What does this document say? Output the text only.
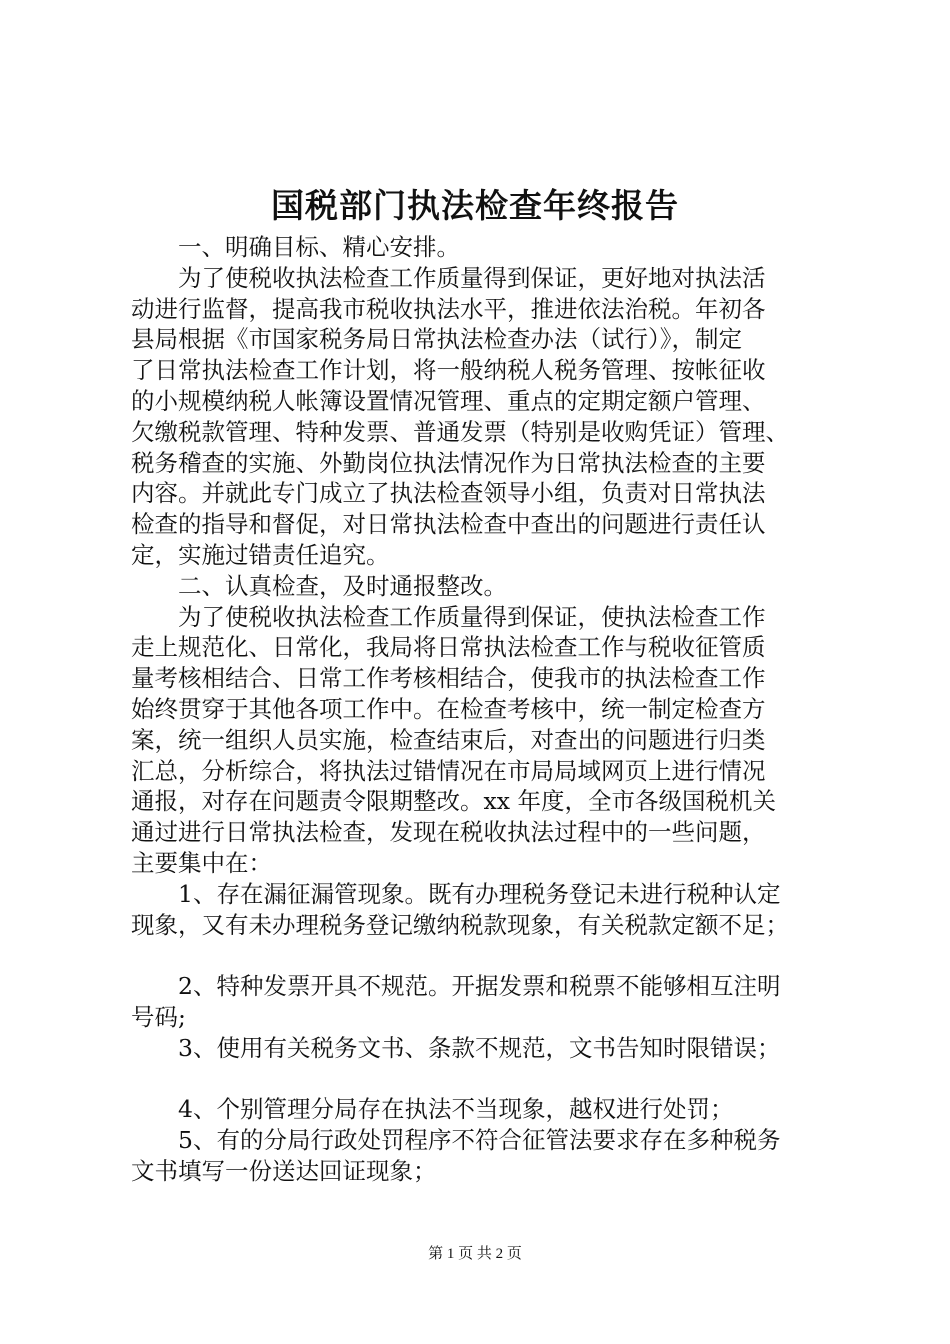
国税部门执法检查年终报告
一、明确目标、精心安排。
为了使税收执法检查工作质量得到保证，更好地对执法活
动进行监督，提高我市税收执法水平，推进依法治税。年初各
县局根据《市国家税务局日常执法检查办法（试行）》，制定
了日常执法检查工作计划，将一般纳税人税务管理、按帐征收
的小规模纳税人帐簿设置情况管理、重点的定期定额户管理、
欠缴税款管理、特种发票、普通发票（特别是收购凭证）管理、
税务稽查的实施、外勤岗位执法情况作为日常执法检查的主要
内容。并就此专门成立了执法检查领导小组，负责对日常执法
检查的指导和督促，对日常执法检查中查出的问题进行责任认
定，实施过错责任追究。
二、认真检查，及时通报整改。
为了使税收执法检查工作质量得到保证，使执法检查工作
走上规范化、日常化，我局将日常执法检查工作与税收征管质
量考核相结合、日常工作考核相结合，使我市的执法检查工作
始终贯穿于其他各项工作中。在检查考核中，统一制定检查方
案，统一组织人员实施，检查结束后，对查出的问题进行归类
汇总，分析综合，将执法过错情况在市局局域网页上进行情况
通报，对存在问题责令限期整改。xx 年度，全市各级国税机关
通过进行日常执法检查，发现在税收执法过程中的一些问题，
主要集中在：
1、存在漏征漏管现象。既有办理税务登记未进行税种认定
现象，又有未办理税务登记缴纳税款现象，有关税款定额不足；
2、特种发票开具不规范。开据发票和税票不能够相互注明
号码;
3、使用有关税务文书、条款不规范，文书告知时限错误；
4、个别管理分局存在执法不当现象，越权进行处罚；
5、有的分局行政处罚程序不符合征管法要求存在多种税务
文书填写一份送达回证现象；
第 1 页 共 2 页
